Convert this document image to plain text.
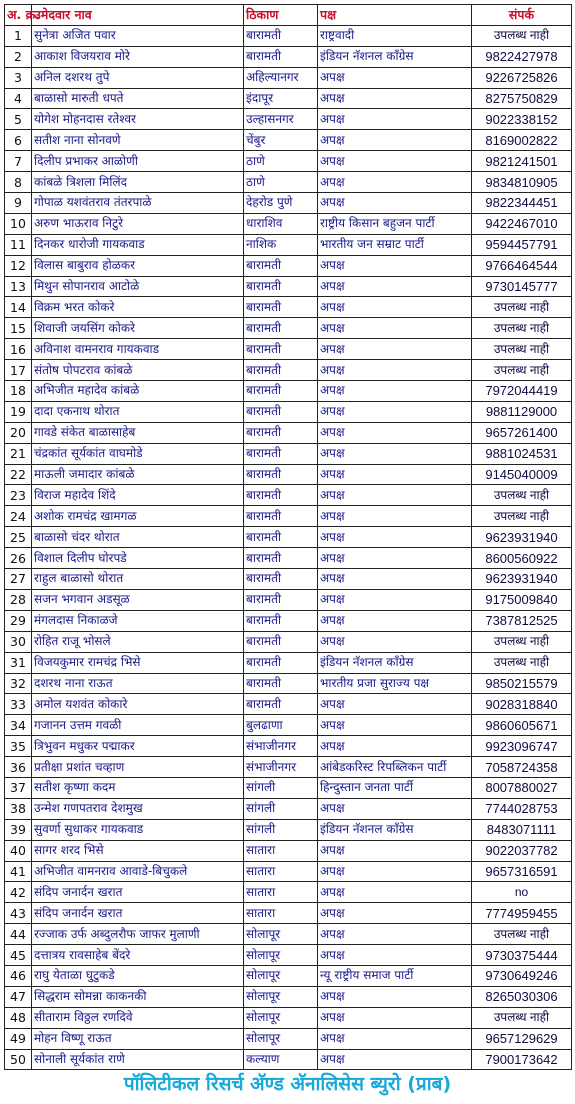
अ. क्र.	उमेदवार नाव	ठिकाण	पक्ष	संपर्क
1	सुनेत्रा अजित पवार	बारामती	राष्ट्रवादी	उपलब्ध नाही
2	आकाश विजयराव मोरे	बारामती	इंडियन नॅशनल काँग्रेस	9822427978
3	अनिल दशरथ तुपे	अहिल्यानगर	अपक्ष	9226725826
4	बाळासो मारुती धपते	इंदापूर	अपक्ष	8275750829
5	योगेश मोहनदास रतेश्वर	उल्हासनगर	अपक्ष	9022338152
6	सतीश नाना सोनवणे	चेंबुर	अपक्ष	8169002822
7	दिलीप प्रभाकर आळोणी	ठाणे	अपक्ष	9821241501
8	कांबळे त्रिशला मिलिंद	ठाणे	अपक्ष	9834810905
9	गोपाळ यशवंतराव तंतरपाळे	देहरोड पुणे	अपक्ष	9822344451
10	अरुण भाऊराव निटुरे	धाराशिव	राष्ट्रीय किसान बहुजन पार्टी	9422467010
11	दिनकर धारोजी गायकवाड	नाशिक	भारतीय जन सम्राट पार्टी	9594457791
12	विलास बाबुराव होळकर	बारामती	अपक्ष	9766464544
13	मिथुन सोपानराव आटोळे	बारामती	अपक्ष	9730145777
14	विक्रम भरत कोकरे	बारामती	अपक्ष	उपलब्ध नाही
15	शिवाजी जयसिंग कोकरे	बारामती	अपक्ष	उपलब्ध नाही
16	अविनाश वामनराव गायकवाड	बारामती	अपक्ष	उपलब्ध नाही
17	संतोष पोपटराव कांबळे	बारामती	अपक्ष	उपलब्ध नाही
18	अभिजीत महादेव कांबळे	बारामती	अपक्ष	7972044419
19	दादा एकनाथ थोरात	बारामती	अपक्ष	9881129000
20	गावडे संकेत बाळासाहेब	बारामती	अपक्ष	9657261400
21	चंद्रकांत सूर्यकांत वाघमोडे	बारामती	अपक्ष	9881024531
22	माऊली जमादार कांबळे	बारामती	अपक्ष	9145040009
23	विराज महादेव शिंदे	बारामती	अपक्ष	उपलब्ध नाही
24	अशोक रामचंद्र खामगळ	बारामती	अपक्ष	उपलब्ध नाही
25	बाळासो चंदर थोरात	बारामती	अपक्ष	9623931940
26	विशाल दिलीप घोरपडे	बारामती	अपक्ष	8600560922
27	राहुल बाळासो थोरात	बारामती	अपक्ष	9623931940
28	सजन भगवान अडसूळ	बारामती	अपक्ष	9175009840
29	मंगलदास निकाळजे	बारामती	अपक्ष	7387812525
30	रोहित राजू भोसले	बारामती	अपक्ष	उपलब्ध नाही
31	विजयकुमार रामचंद्र भिसे	बारामती	इंडियन नॅशनल काँग्रेस	उपलब्ध नाही
32	दशरथ नाना राऊत	बारामती	भारतीय प्रजा सुराज्य पक्ष	9850215579
33	अमोल यशवंत कोकारे	बारामती	अपक्ष	9028318840
34	गजानन उत्तम गवळी	बुलढाणा	अपक्ष	9860605671
35	त्रिभुवन मधुकर पद्माकर	संभाजीनगर	अपक्ष	9923096747
36	प्रतीक्षा प्रशांत चव्हाण	संभाजीनगर	आंबेडकरिस्ट रिपब्लिकन पार्टी	7058724358
37	सतीश कृष्णा कदम	सांगली	हिन्दुस्तान जनता पार्टी	8007880027
38	उन्मेश गणपतराव देशमुख	सांगली	अपक्ष	7744028753
39	सुवर्णा सुधाकर गायकवाड	सांगली	इंडियन नॅशनल काँग्रेस	8483071111
40	सागर शरद भिसे	सातारा	अपक्ष	9022037782
41	अभिजीत वामनराव आवाडे-बिचुकले	सातारा	अपक्ष	9657316591
42	संदिप जनार्दन खरात	सातारा	अपक्ष	no
43	संदिप जनार्दन खरात	सातारा	अपक्ष	7774959455
44	रज्जाक उर्फ अब्दुलरौफ जाफर मुलाणी	सोलापूर	अपक्ष	उपलब्ध नाही
45	दत्तात्रय रावसाहेब बेंदरे	सोलापूर	अपक्ष	9730375444
46	राघु येताळा घुटुकडे	सोलापूर	न्यू राष्ट्रीय समाज पार्टी	9730649246
47	सिद्धराम सोमन्ना काकनकी	सोलापूर	अपक्ष	8265030306
48	सीताराम विठ्ठल रणदिवे	सोलापूर	अपक्ष	उपलब्ध नाही
49	मोहन विष्णू राऊत	सोलापूर	अपक्ष	9657129629
50	सोनाली सूर्यकांत राणे	कल्याण	अपक्ष	7900173642
पॉलिटीकल रिसर्च अ‍ॅण्ड अ‍ॅनालिसेस ब्युरो (प्राब)
